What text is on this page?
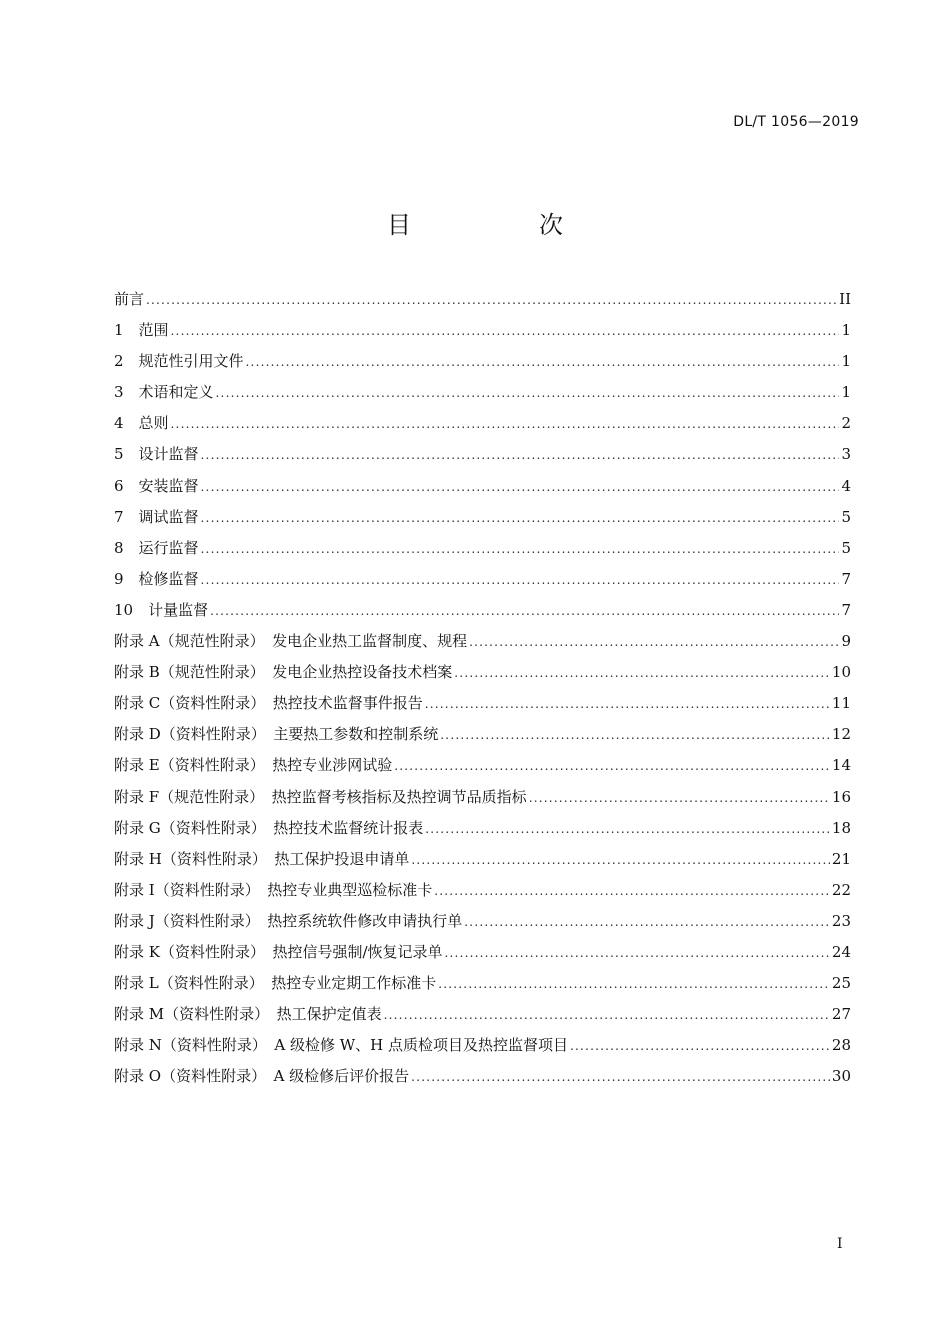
DL/T 1056—2019
目　次
前言 .....	II
1　范围 .....	1
2　规范性引用文件 .....	1
3　术语和定义 .....	1
4　总则 .....	2
5　设计监督 .....	3
6　安装监督 .....	4
7　调试监督 .....	5
8　运行监督 .....	5
9　检修监督 .....	7
10　计量监督 .....	7
附录 A（规范性附录）　发电企业热工监督制度、规程 .....	9
附录 B（规范性附录）　发电企业热控设备技术档案 .....	10
附录 C（资料性附录）　热控技术监督事件报告 .....	11
附录 D（资料性附录）　主要热工参数和控制系统 .....	12
附录 E（资料性附录）　热控专业涉网试验 .....	14
附录 F（规范性附录）　热控监督考核指标及热控调节品质指标 .....	16
附录 G（资料性附录）　热控技术监督统计报表 .....	18
附录 H（资料性附录）　热工保护投退申请单 .....	21
附录 I（资料性附录）　热控专业典型巡检标准卡 .....	22
附录 J（资料性附录）　热控系统软件修改申请执行单 .....	23
附录 K（资料性附录）　热控信号强制/恢复记录单 .....	24
附录 L（资料性附录）　热控专业定期工作标准卡 .....	25
附录 M（资料性附录）　热工保护定值表 .....	27
附录 N（资料性附录）　A 级检修 W、H 点质检项目及热控监督项目 .....	28
附录 O（资料性附录）　A 级检修后评价报告 .....	30
I
